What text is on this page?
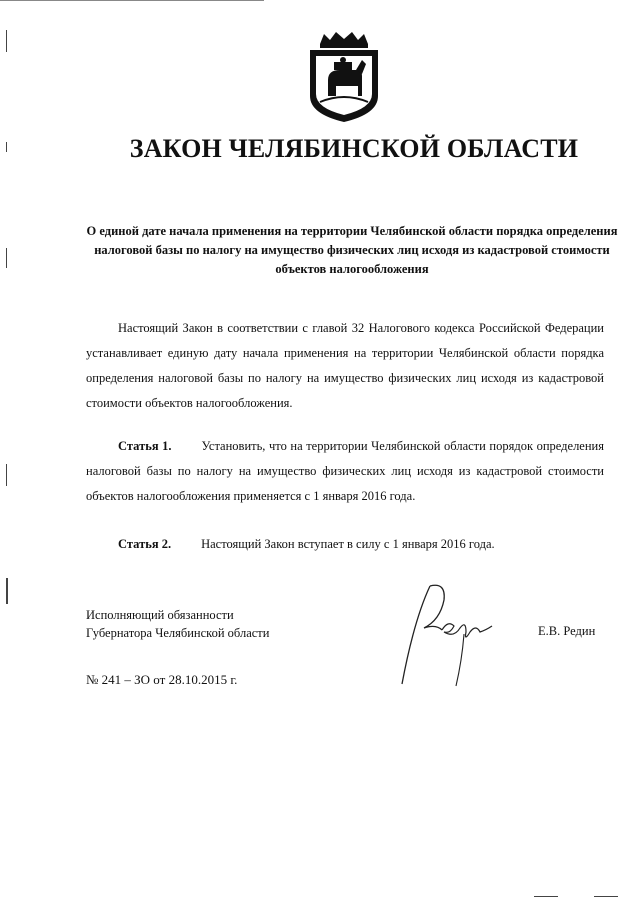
ЗАКОН ЧЕЛЯБИНСКОЙ ОБЛАСТИ
О единой дате начала применения на территории Челябинской области порядка определения налоговой базы по налогу на имущество физических лиц исходя из кадастровой стоимости объектов налогообложения
Настоящий Закон в соответствии с главой 32 Налогового кодекса Российской Федерации устанавливает единую дату начала применения на территории Челябинской области порядка определения налоговой базы по налогу на имущество физических лиц исходя из кадастровой стоимости объектов налогообложения.
Статья 1. Установить, что на территории Челябинской области порядок определения налоговой базы по налогу на имущество физических лиц исходя из кадастровой стоимости объектов налогообложения применяется с 1 января 2016 года.
Статья 2. Настоящий Закон вступает в силу с 1 января 2016 года.
Исполняющий обязанности
Губернатора Челябинской области	Е.В. Редин
№ 241 – ЗО от 28.10.2015 г.
